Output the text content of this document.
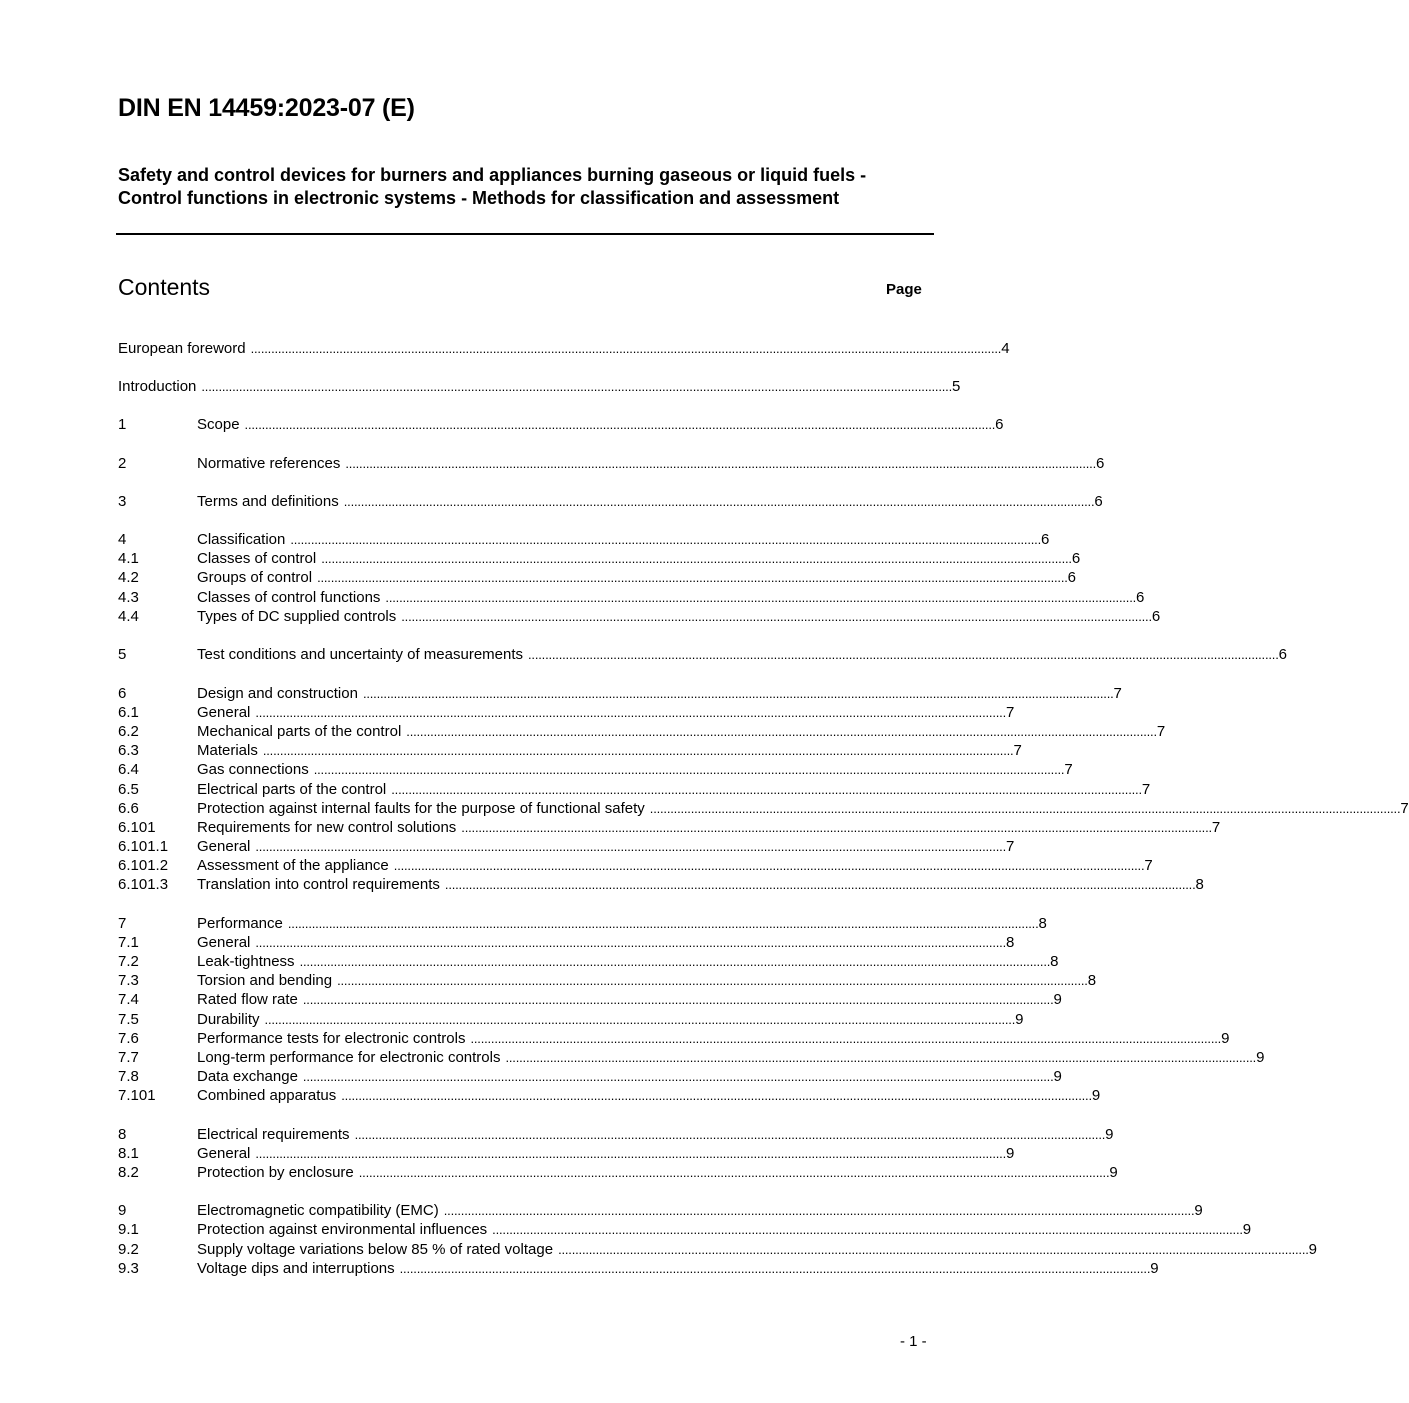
DIN EN 14459:2023-07 (E)
Safety and control devices for burners and appliances burning gaseous or liquid fuels - Control functions in electronic systems - Methods for classification and assessment
Contents	Page
European foreword ............................................................................................................................................................................................................................ 4
Introduction ............................................................................................................................................................................................................................ 5
1	Scope ............................................................................................................................................................................................................................ 6
2	Normative references ............................................................................................................................................................................................................................ 6
3	Terms and definitions ............................................................................................................................................................................................................................ 6
4	Classification ............................................................................................................................................................................................................................ 6
4.1	Classes of control ............................................................................................................................................................................................................................ 6
4.2	Groups of control ............................................................................................................................................................................................................................ 6
4.3	Classes of control functions ............................................................................................................................................................................................................................ 6
4.4	Types of DC supplied controls ............................................................................................................................................................................................................................ 6
5	Test conditions and uncertainty of measurements ............................................................................................................................................................................................................................ 6
6	Design and construction ............................................................................................................................................................................................................................ 7
6.1	General ............................................................................................................................................................................................................................ 7
6.2	Mechanical parts of the control ............................................................................................................................................................................................................................ 7
6.3	Materials ............................................................................................................................................................................................................................ 7
6.4	Gas connections ............................................................................................................................................................................................................................ 7
6.5	Electrical parts of the control ............................................................................................................................................................................................................................ 7
6.6	Protection against internal faults for the purpose of functional safety ............................................................................................................................................................................................................................ 7
6.101	Requirements for new control solutions ............................................................................................................................................................................................................................ 7
6.101.1	General ............................................................................................................................................................................................................................ 7
6.101.2	Assessment of the appliance ............................................................................................................................................................................................................................ 7
6.101.3	Translation into control requirements ............................................................................................................................................................................................................................ 8
7	Performance ............................................................................................................................................................................................................................ 8
7.1	General ............................................................................................................................................................................................................................ 8
7.2	Leak-tightness ............................................................................................................................................................................................................................ 8
7.3	Torsion and bending ............................................................................................................................................................................................................................ 8
7.4	Rated flow rate ............................................................................................................................................................................................................................ 9
7.5	Durability ............................................................................................................................................................................................................................ 9
7.6	Performance tests for electronic controls ............................................................................................................................................................................................................................ 9
7.7	Long-term performance for electronic controls ............................................................................................................................................................................................................................ 9
7.8	Data exchange ............................................................................................................................................................................................................................ 9
7.101	Combined apparatus ............................................................................................................................................................................................................................ 9
8	Electrical requirements ............................................................................................................................................................................................................................ 9
8.1	General ............................................................................................................................................................................................................................ 9
8.2	Protection by enclosure ............................................................................................................................................................................................................................ 9
9	Electromagnetic compatibility (EMC) ............................................................................................................................................................................................................................ 9
9.1	Protection against environmental influences ............................................................................................................................................................................................................................ 9
9.2	Supply voltage variations below 85 % of rated voltage ............................................................................................................................................................................................................................ 9
9.3	Voltage dips and interruptions ............................................................................................................................................................................................................................ 9
- 1 -
